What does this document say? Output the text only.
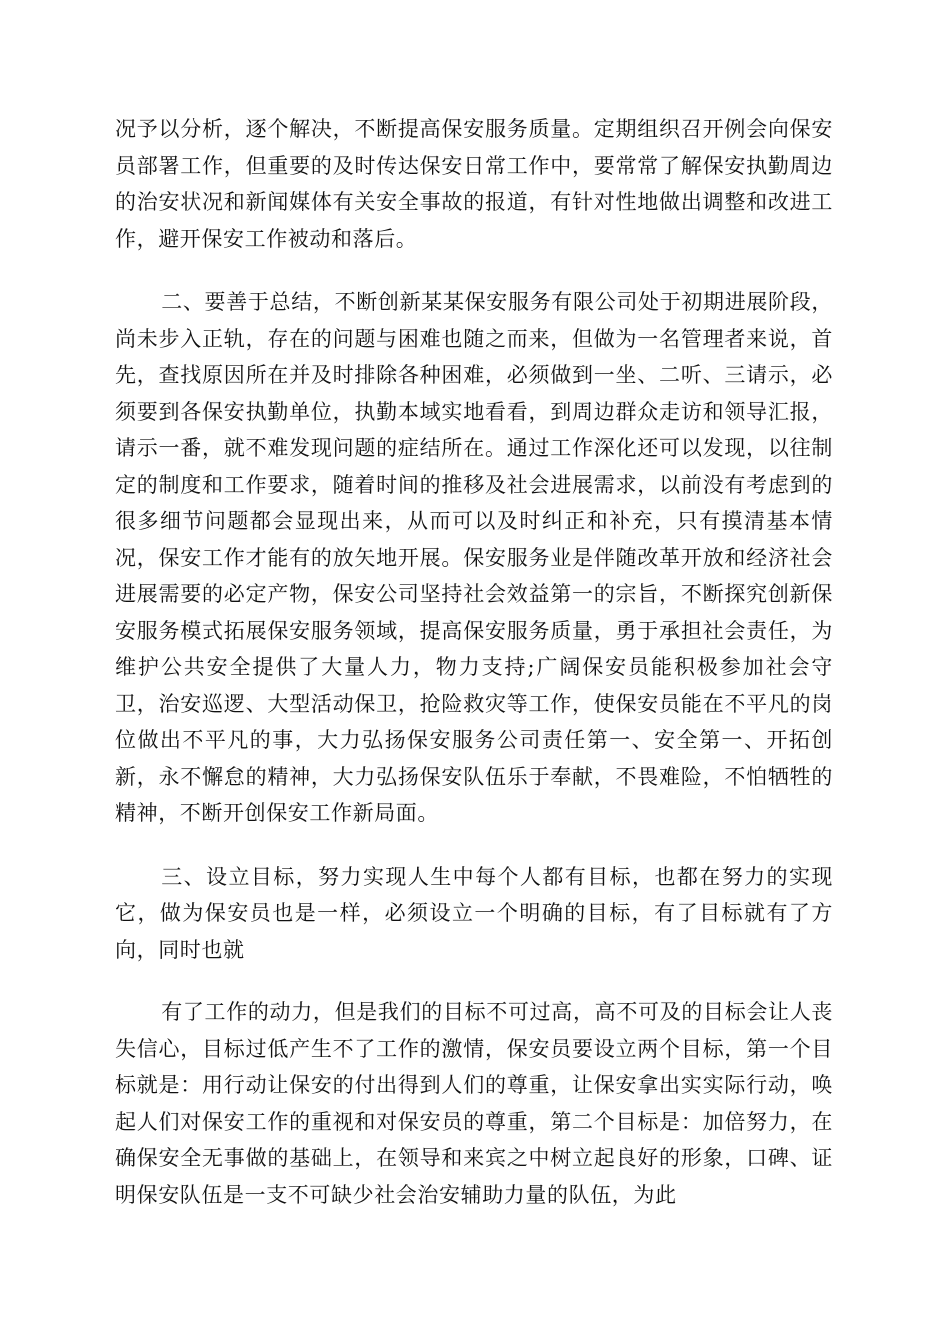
况予以分析，逐个解决，不断提高保安服务质量。定期组织召开例会向保安员部署工作，但重要的及时传达保安日常工作中，要常常了解保安执勤周边的治安状况和新闻媒体有关安全事故的报道，有针对性地做出调整和改进工作，避开保安工作被动和落后。

二、要善于总结，不断创新某某保安服务有限公司处于初期进展阶段，尚未步入正轨，存在的问题与困难也随之而来，但做为一名管理者来说，首先，查找原因所在并及时排除各种困难，必须做到一坐、二听、三请示，必须要到各保安执勤单位，执勤本域实地看看，到周边群众走访和领导汇报，请示一番，就不难发现问题的症结所在。通过工作深化还可以发现，以往制定的制度和工作要求，随着时间的推移及社会进展需求，以前没有考虑到的很多细节问题都会显现出来，从而可以及时纠正和补充，只有摸清基本情况，保安工作才能有的放矢地开展。保安服务业是伴随改革开放和经济社会进展需要的必定产物，保安公司坚持社会效益第一的宗旨，不断探究创新保安服务模式拓展保安服务领域，提高保安服务质量，勇于承担社会责任，为维护公共安全提供了大量人力，物力支持;广阔保安员能积极参加社会守卫，治安巡逻、大型活动保卫，抢险救灾等工作，使保安员能在不平凡的岗位做出不平凡的事，大力弘扬保安服务公司责任第一、安全第一、开拓创新，永不懈怠的精神，大力弘扬保安队伍乐于奉献，不畏难险，不怕牺牲的精神，不断开创保安工作新局面。

三、设立目标，努力实现人生中每个人都有目标，也都在努力的实现它，做为保安员也是一样，必须设立一个明确的目标，有了目标就有了方向，同时也就

有了工作的动力，但是我们的目标不可过高，高不可及的目标会让人丧失信心，目标过低产生不了工作的激情，保安员要设立两个目标，第一个目标就是：用行动让保安的付出得到人们的尊重，让保安拿出实实际行动，唤起人们对保安工作的重视和对保安员的尊重，第二个目标是：加倍努力，在确保安全无事做的基础上，在领导和来宾之中树立起良好的形象，口碑、证明保安队伍是一支不可缺少社会治安辅助力量的队伍，为此
